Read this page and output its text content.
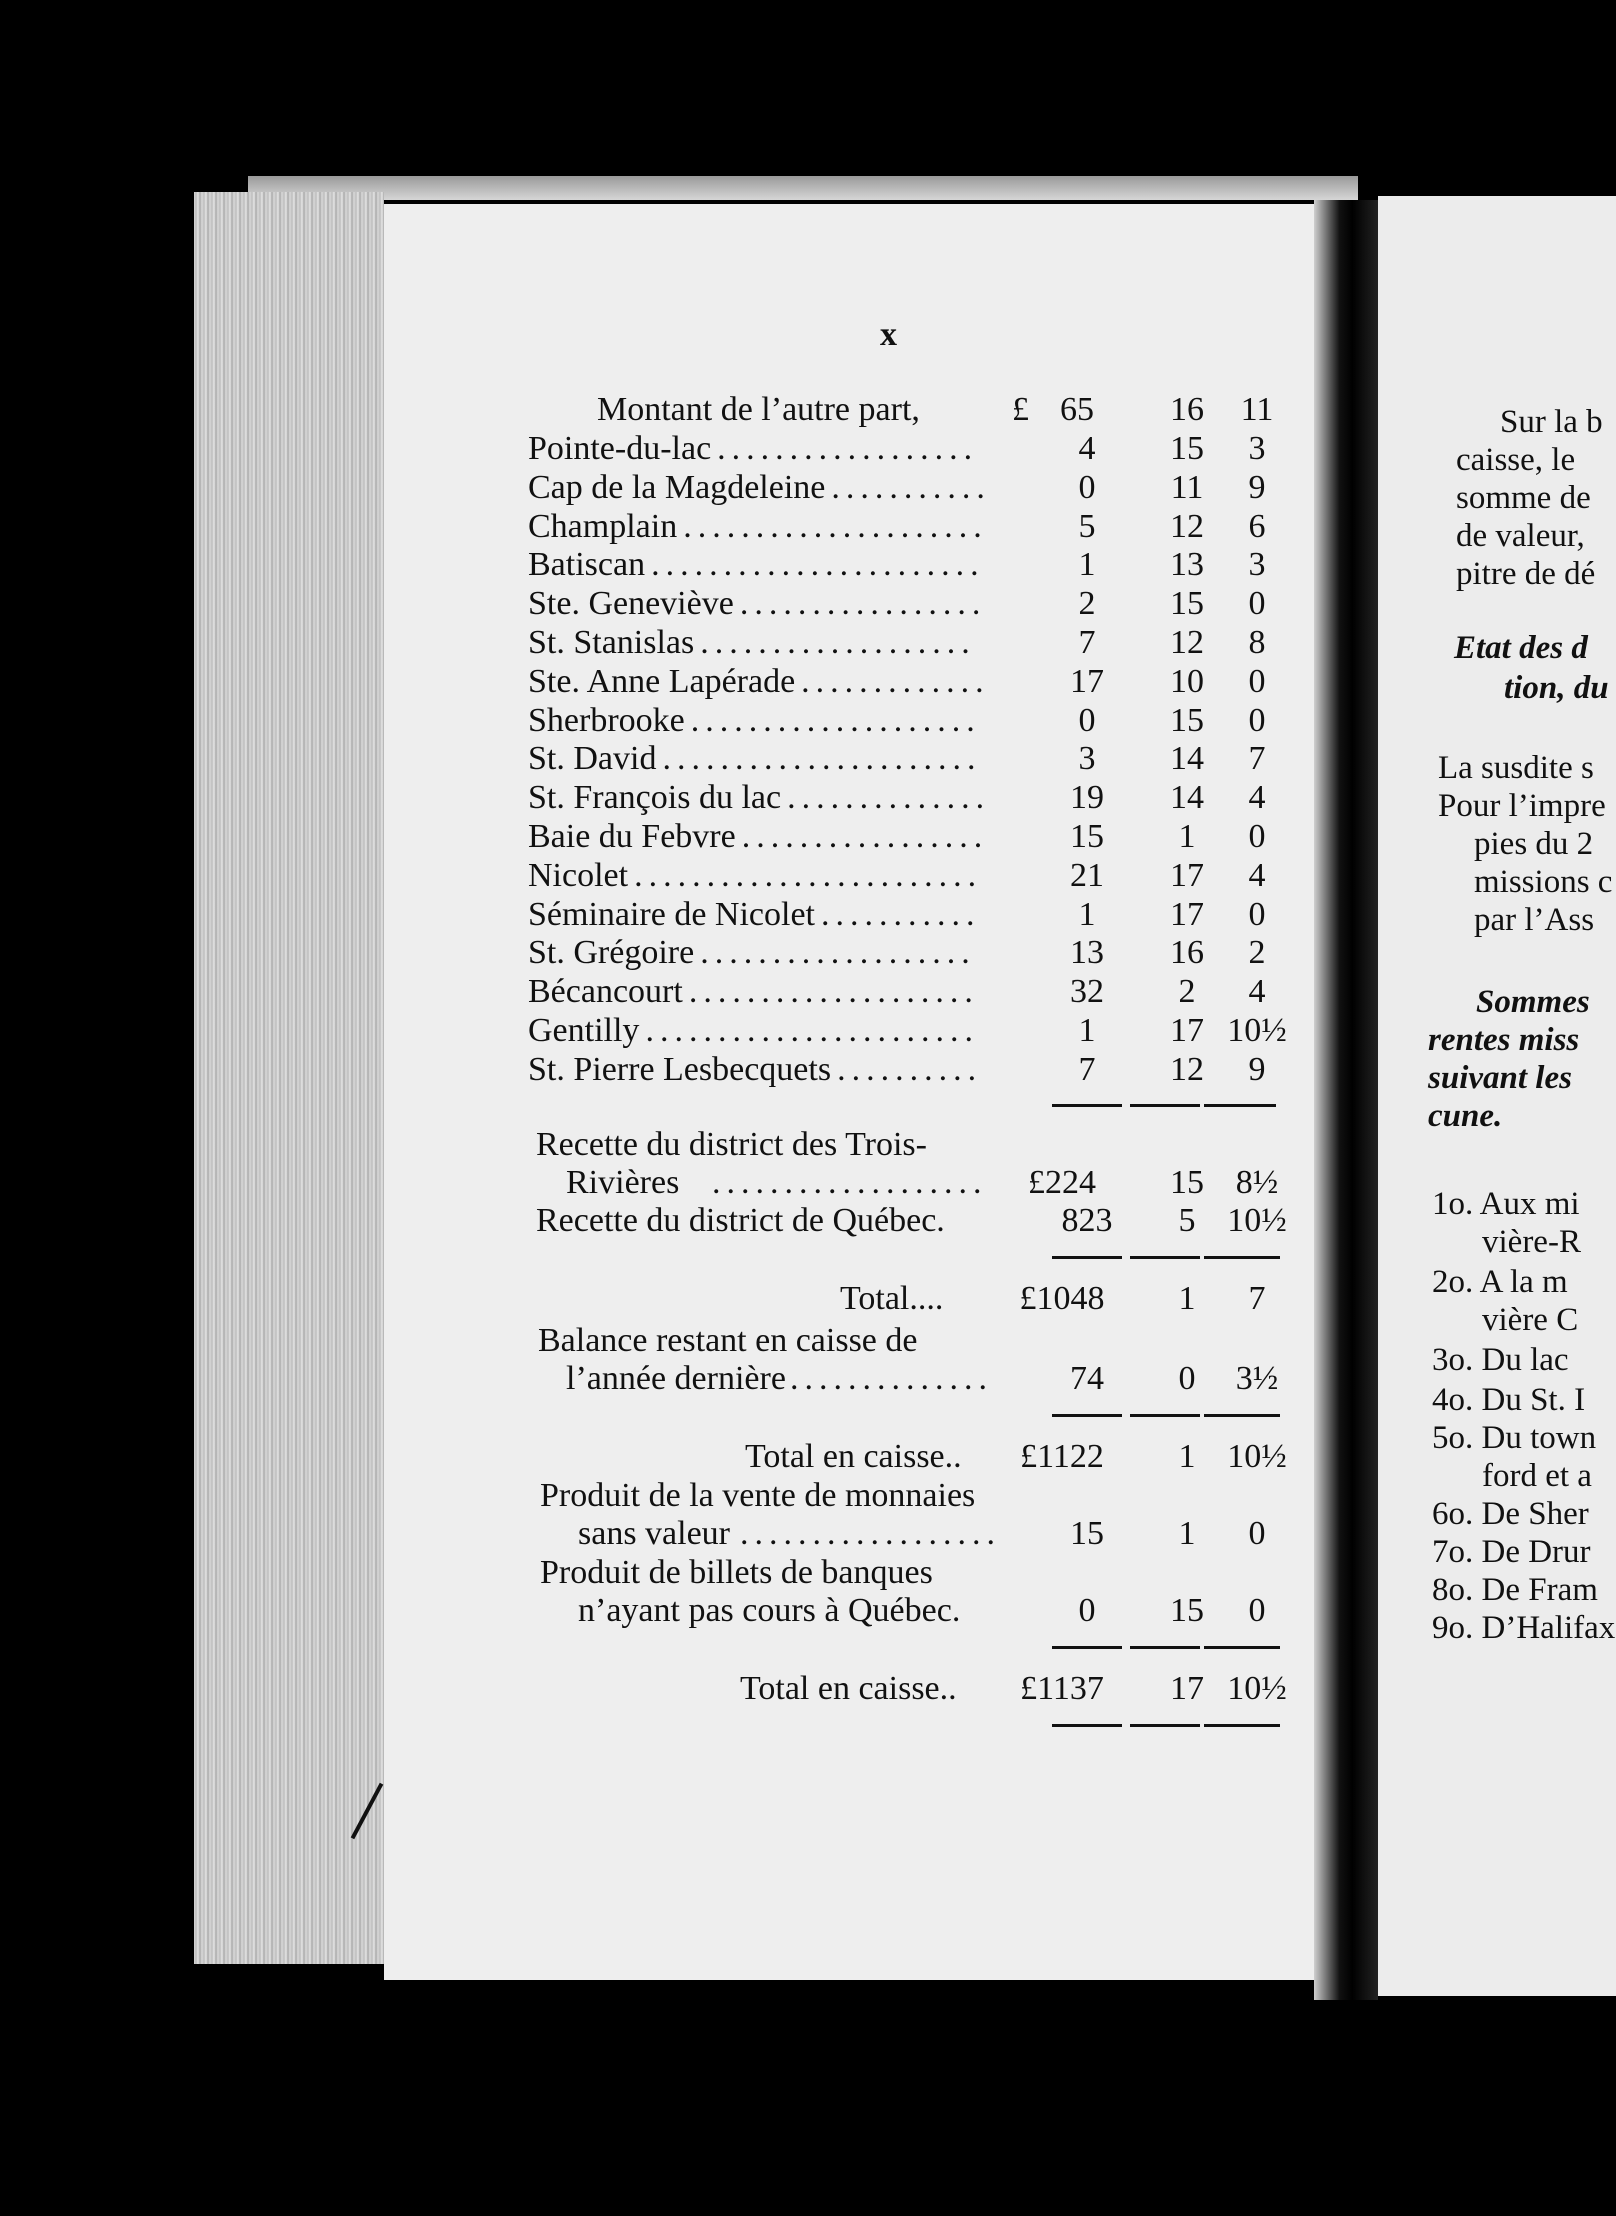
Sur la b
caisse, le
somme de
de valeur,
pitre de dé
Etat des d
tion, du
La susdite s
Pour l’impre
pies du 2
missions c
par l’Ass
Sommes
rentes miss
suivant les
cune.
1o. Aux mi
vière-R
2o. A la m
vière C
3o. Du lac
4o. Du St. I
5o. Du town
ford et a
6o. De Sher
7o. De Drur
8o. De Fram
9o. D’Halifax
x
Montant de l’autre part,	£ 65	16	11
Pointe-du-lac ..................	4	15	3
Cap de la Magdeleine ...........	0	11	9
Champlain .....................	5	12	6
Batiscan .......................	1	13	3
Ste. Geneviève .................	2	15	0
St. Stanislas ...................	7	12	8
Ste. Anne Lapérade .............	17	10	0
Sherbrooke ....................	0	15	0
St. David ......................	3	14	7
St. François du lac ..............	19	14	4
Baie du Febvre .................	15	1	0
Nicolet ........................	21	17	4
Séminaire de Nicolet ...........	1	17	0
St. Grégoire ...................	13	16	2
Bécancourt ....................	32	2	4
Gentilly .......................	1	17 10½
St. Pierre Lesbecquets ..........	7	12	9
Recette du district des Trois-
Rivières ...................	£224	15 8½
Recette du district de Québec.	823	5 10½
Total....	£1048	1	7
Balance restant en caisse de
l’année dernière ..............	74	0	3½
Total en caisse..	£1122	1 10½
Produit de la vente de monnaies
sans valeur ..................	15	1	0
Produit de billets de banques
n’ayant pas cours à Québec.	0	15	0
Total en caisse..	£1137	17 10½
